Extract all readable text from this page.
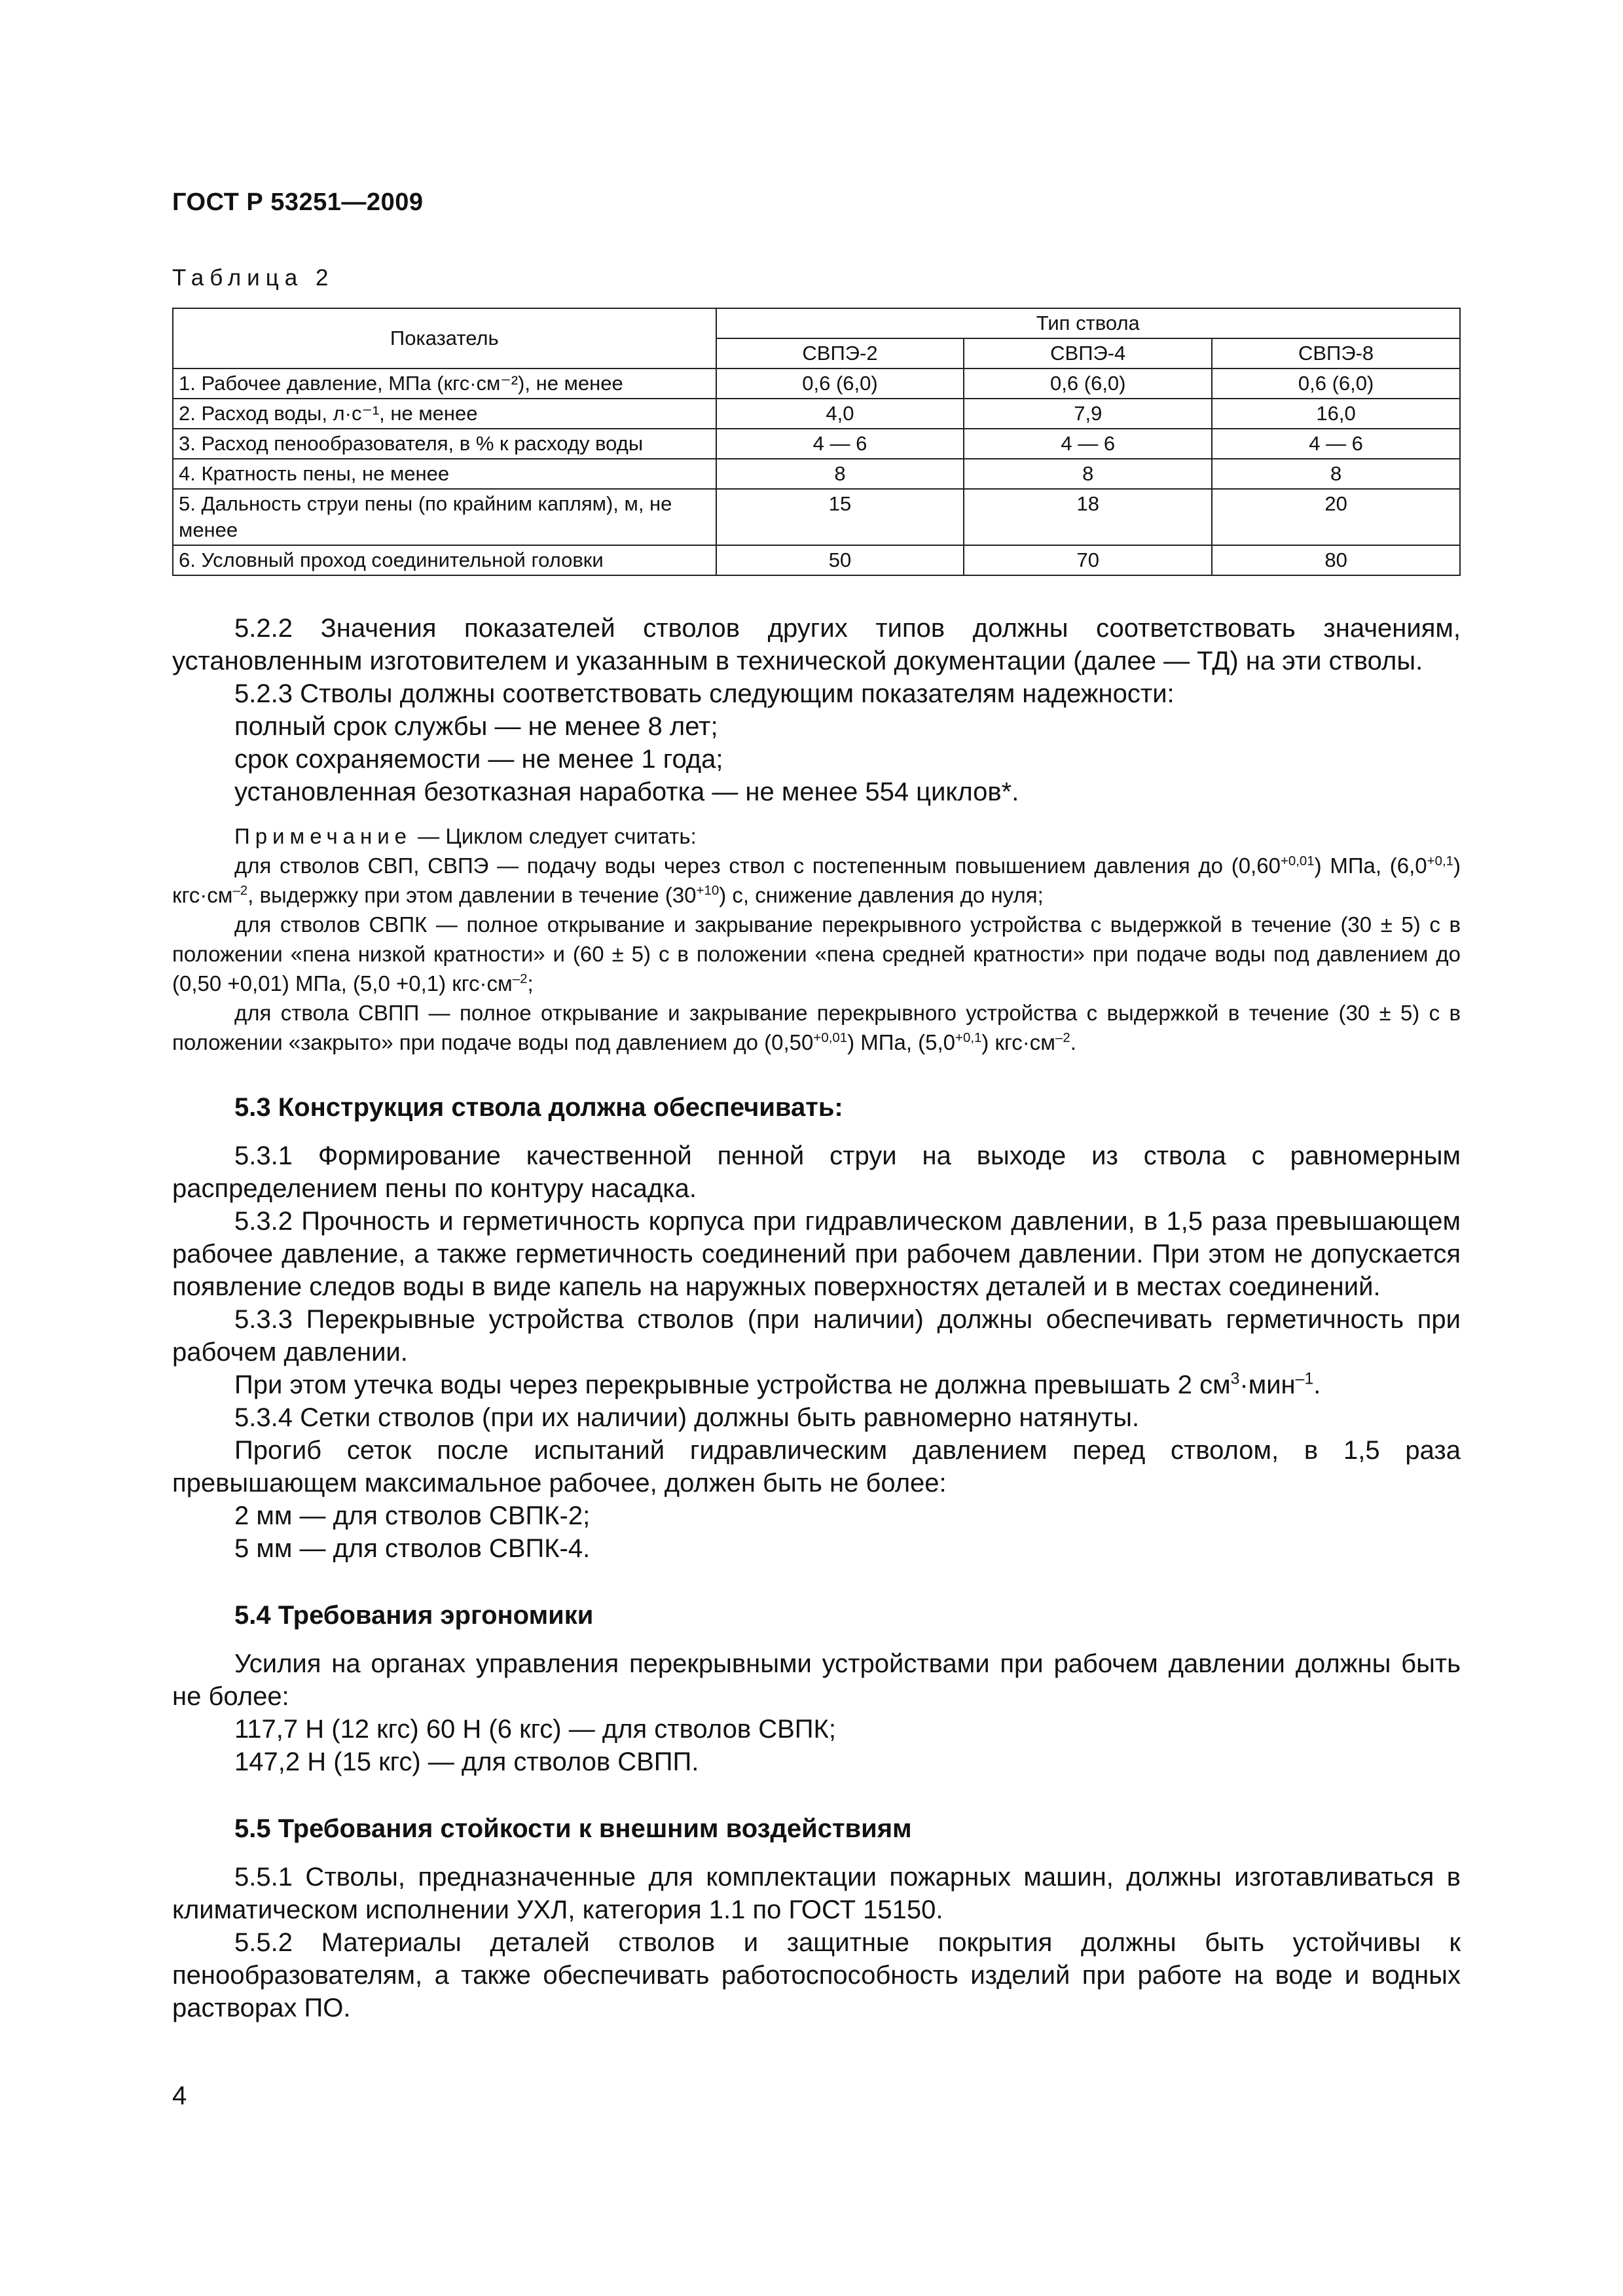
ГОСТ Р 53251—2009
Таблица 2
Показатель	Тип ствола		
	СВПЭ-2	СВПЭ-4	СВПЭ-8
1. Рабочее давление, МПа (кгс·см⁻²), не менее	0,6 (6,0)	0,6 (6,0)	0,6 (6,0)
2. Расход воды, л·с⁻¹, не менее	4,0	7,9	16,0
3. Расход пенообразователя, в % к расходу воды	4 — 6	4 — 6	4 — 6
4. Кратность пены, не менее	8	8	8
5. Дальность струи пены (по крайним каплям), м, не менее	15	18	20
6. Условный проход соединительной головки	50	70	80

5.2.2 Значения показателей стволов других типов должны соответствовать значениям, установленным изготовителем и указанным в технической документации (далее — ТД) на эти стволы.

5.2.3 Стволы должны соответствовать следующим показателям надежности:

полный срок службы — не менее 8 лет;

срок сохраняемости — не менее 1 года;

установленная безотказная наработка — не менее 554 циклов*.

Примечание — Циклом следует считать:

для стволов СВП, СВПЭ — подачу воды через ствол с постепенным повышением давления до $(0,60^{+0,01})$ МПа, $(6,0^{+0,1})$ $кгс\cdot см^{-2}$, выдержку при этом давлении в течение $(30^{+10})$ с, снижение давления до нуля;

для стволов СВПК — полное открывание и закрывание перекрывного устройства с выдержкой в течение (30 ± 5) с в положении «пена низкой кратности» и (60 ± 5) с в положении «пена средней кратности» при подаче воды под давлением до (0,50 +0,01) МПа, (5,0 +0,1) $кгс\cdot см^{-2}$;

для ствола СВПП — полное открывание и закрывание перекрывного устройства с выдержкой в течение (30 ± 5) с в положении «закрыто» при подаче воды под давлением до $(0,50^{+0,01})$ МПа, $(5,0^{+0,1})$ $кгс\cdot см^{-2}$.

5.3 Конструкция ствола должна обеспечивать:

5.3.1 Формирование качественной пенной струи на выходе из ствола с равномерным распределением пены по контуру насадка.

5.3.2 Прочность и герметичность корпуса при гидравлическом давлении, в 1,5 раза превышающем рабочее давление, а также герметичность соединений при рабочем давлении. При этом не допускается появление следов воды в виде капель на наружных поверхностях деталей и в местах соединений.

5.3.3 Перекрывные устройства стволов (при наличии) должны обеспечивать герметичность при рабочем давлении.

При этом утечка воды через перекрывные устройства не должна превышать 2 $см^3\cdot мин^{-1}$.

5.3.4 Сетки стволов (при их наличии) должны быть равномерно натянуты.

Прогиб сеток после испытаний гидравлическим давлением перед стволом, в 1,5 раза превышающем максимальное рабочее, должен быть не более:

2 мм — для стволов СВПК-2;

5 мм — для стволов СВПК-4.

5.4 Требования эргономики

Усилия на органах управления перекрывными устройствами при рабочем давлении должны быть не более:

117,7 Н (12 кгс) 60 Н (6 кгс) — для стволов СВПК;

147,2 Н (15 кгс) — для стволов СВПП.

5.5 Требования стойкости к внешним воздействиям

5.5.1 Стволы, предназначенные для комплектации пожарных машин, должны изготавливаться в климатическом исполнении УХЛ, категория 1.1 по ГОСТ 15150.

5.5.2 Материалы деталей стволов и защитные покрытия должны быть устойчивы к пенообразователям, а также обеспечивать работоспособность изделий при работе на воде и водных растворах ПО.

4
